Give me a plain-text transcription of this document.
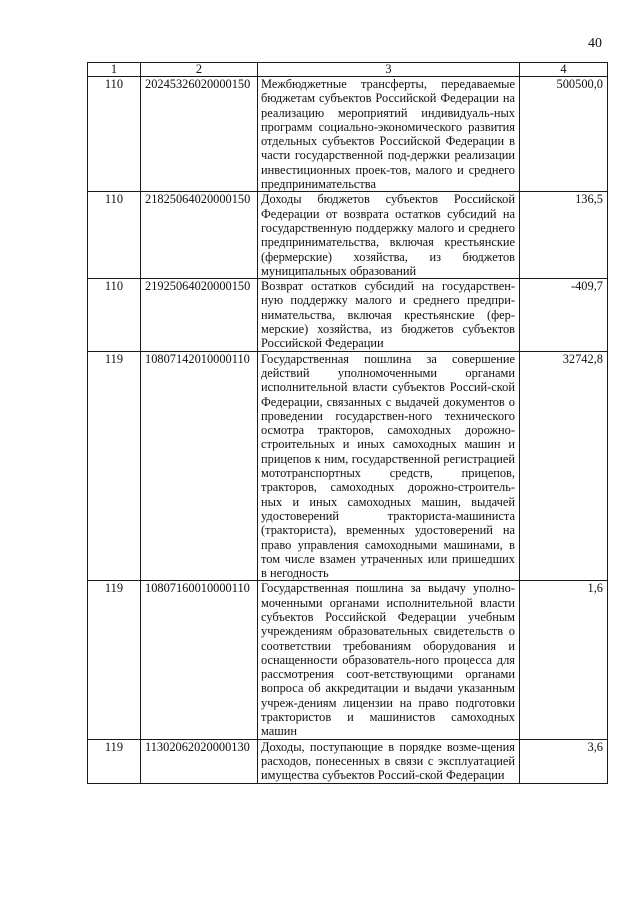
40
1	2	3	4
110	20245326020000150	Межбюджетные трансферты, передаваемые бюджетам субъектов Российской Федерации на реализацию мероприятий индивидуаль-ных программ социально-экономического развития отдельных субъектов Российской Федерации в части государственной под-держки реализации инвестиционных проек-тов, малого и среднего предпринимательства	500500,0
110	21825064020000150	Доходы бюджетов субъектов Российской Федерации от возврата остатков субсидий на государственную поддержку малого и среднего предпринимательства, включая крестьянские (фермерские) хозяйства, из бюджетов муниципальных образований	136,5
110	21925064020000150	Возврат остатков субсидий на государствен-ную поддержку малого и среднего предпри-нимательства, включая крестьянские (фер-мерские) хозяйства, из бюджетов субъектов Российской Федерации	-409,7
119	10807142010000110	Государственная пошлина за совершение действий уполномоченными органами исполнительной власти субъектов Россий-ской Федерации, связанных с выдачей документов о проведении государствен-ного технического осмотра тракторов, самоходных дорожно-строительных и иных самоходных машин и прицепов к ним, государственной регистрацией мототранспортных средств, прицепов, тракторов, самоходных дорожно-строитель-ных и иных самоходных машин, выдачей удостоверений тракториста-машиниста (тракториста), временных удостоверений на право управления самоходными машинами, в том числе взамен утраченных или пришедших в негодность	32742,8
119	10807160010000110	Государственная пошлина за выдачу уполно-моченными органами исполнительной власти субъектов Российской Федерации учебным учреждениям образовательных свидетельств о соответствии требованиям оборудования и оснащенности образователь-ного процесса для рассмотрения соот-ветствующими органами вопроса об аккредитации и выдачи указанным учреж-дениям лицензии на право подготовки трактористов и машинистов самоходных машин	1,6
119	11302062020000130	Доходы, поступающие в порядке возме-щения расходов, понесенных в связи с эксплуатацией имущества субъектов Россий-ской Федерации	3,6
